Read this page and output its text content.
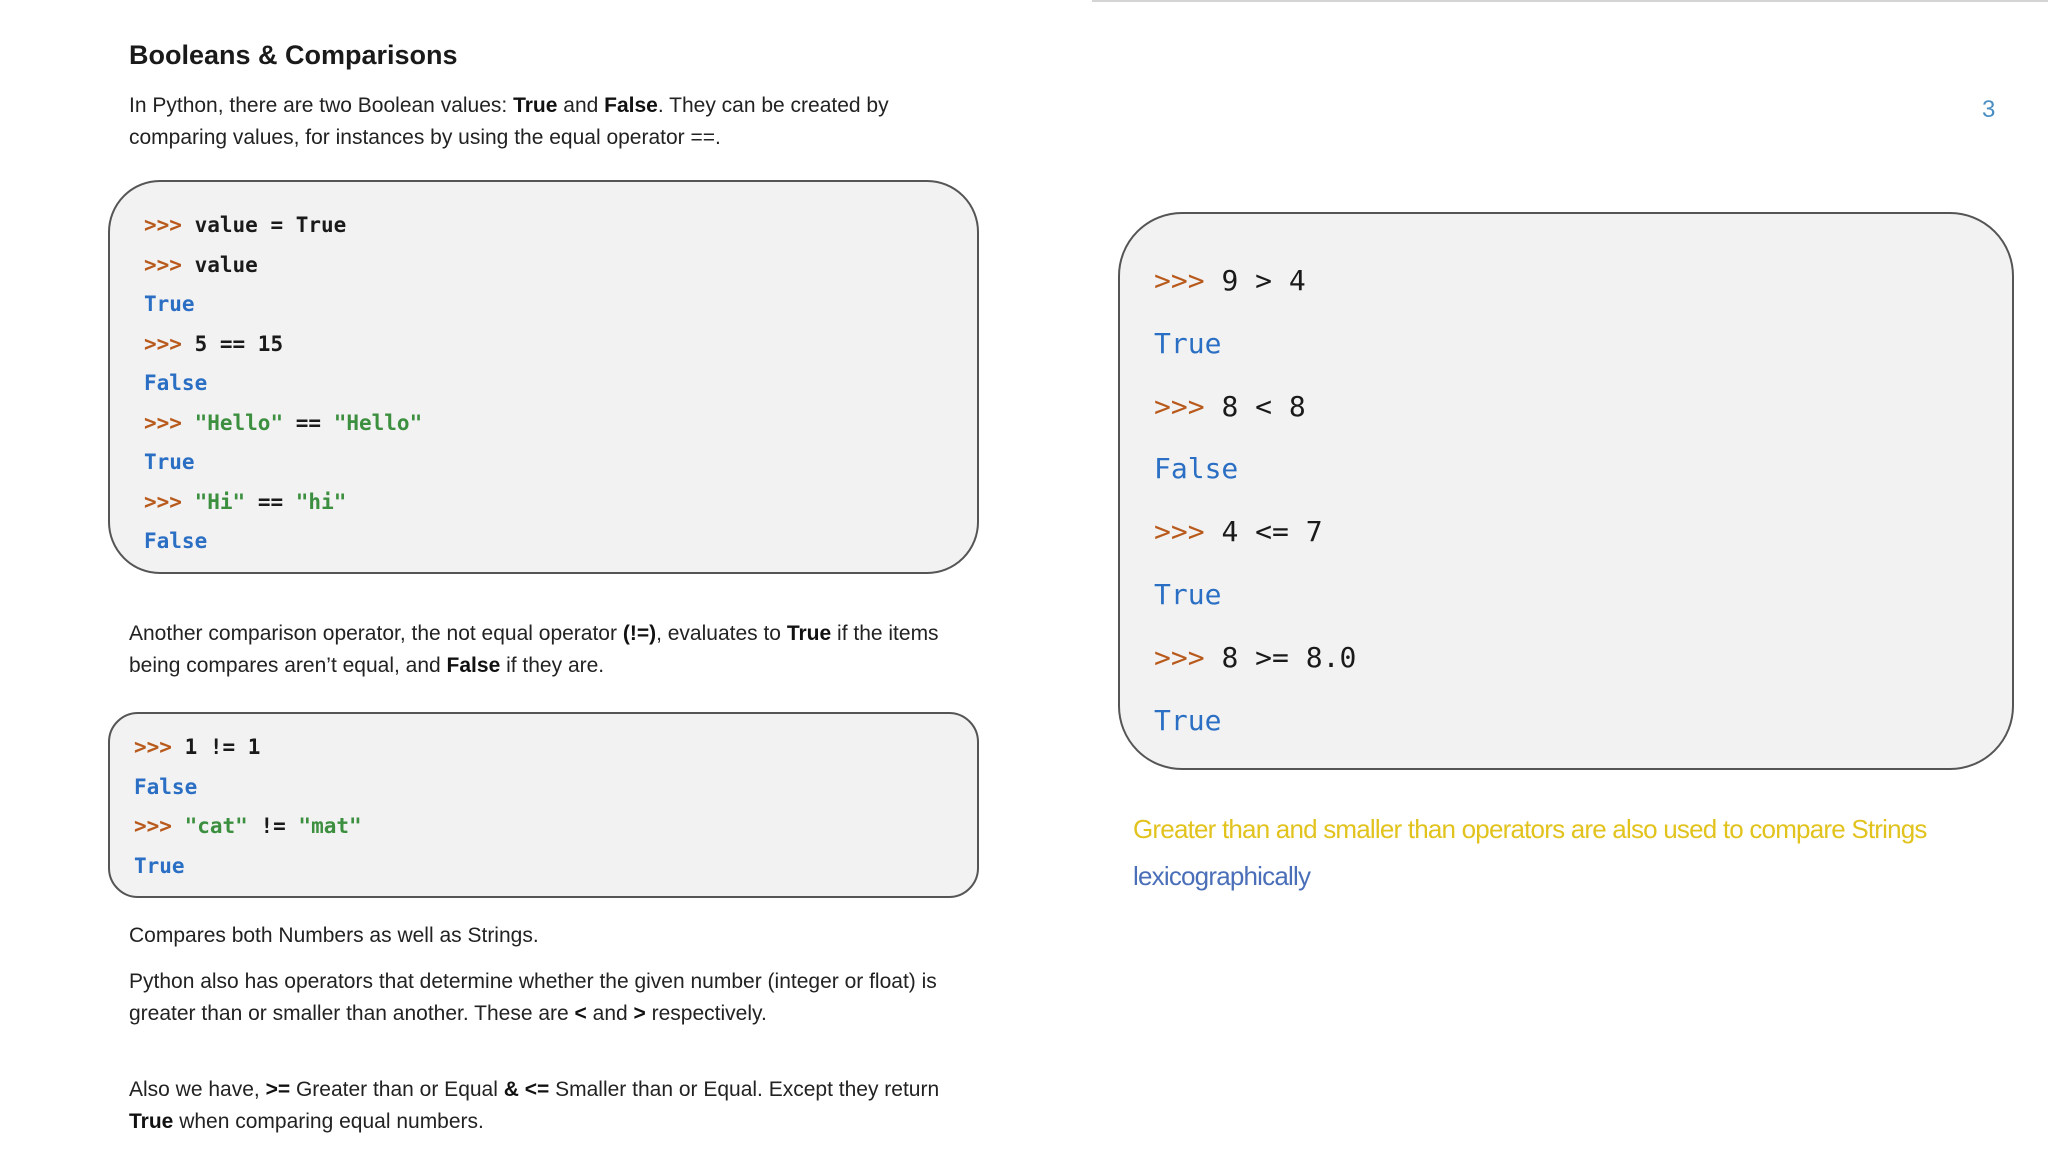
3
Booleans & Comparisons

In Python, there are two Boolean values: True and False. They can be created by comparing values, for instances by using the equal operator ==.

>>> value = True
>>> value
True
>>> 5 == 15
False
>>> "Hello" == "Hello"
True
>>> "Hi" == "hi"
False

Another comparison operator, the not equal operator (!=), evaluates to True if the items being compares aren’t equal, and False if they are.

>>> 1 != 1
False
>>> "cat" != "mat"
True

Compares both Numbers as well as Strings.

Python also has operators that determine whether the given number (integer or float) is greater than or smaller than another. These are < and > respectively.

Also we have, >= Greater than or Equal & <= Smaller than or Equal. Except they return True when comparing equal numbers.

>>> 9 > 4
True
>>> 8 < 8
False
>>> 4 <= 7
True
>>> 8 >= 8.0
True

Greater than and smaller than operators are also used to compare Strings
lexicographically
